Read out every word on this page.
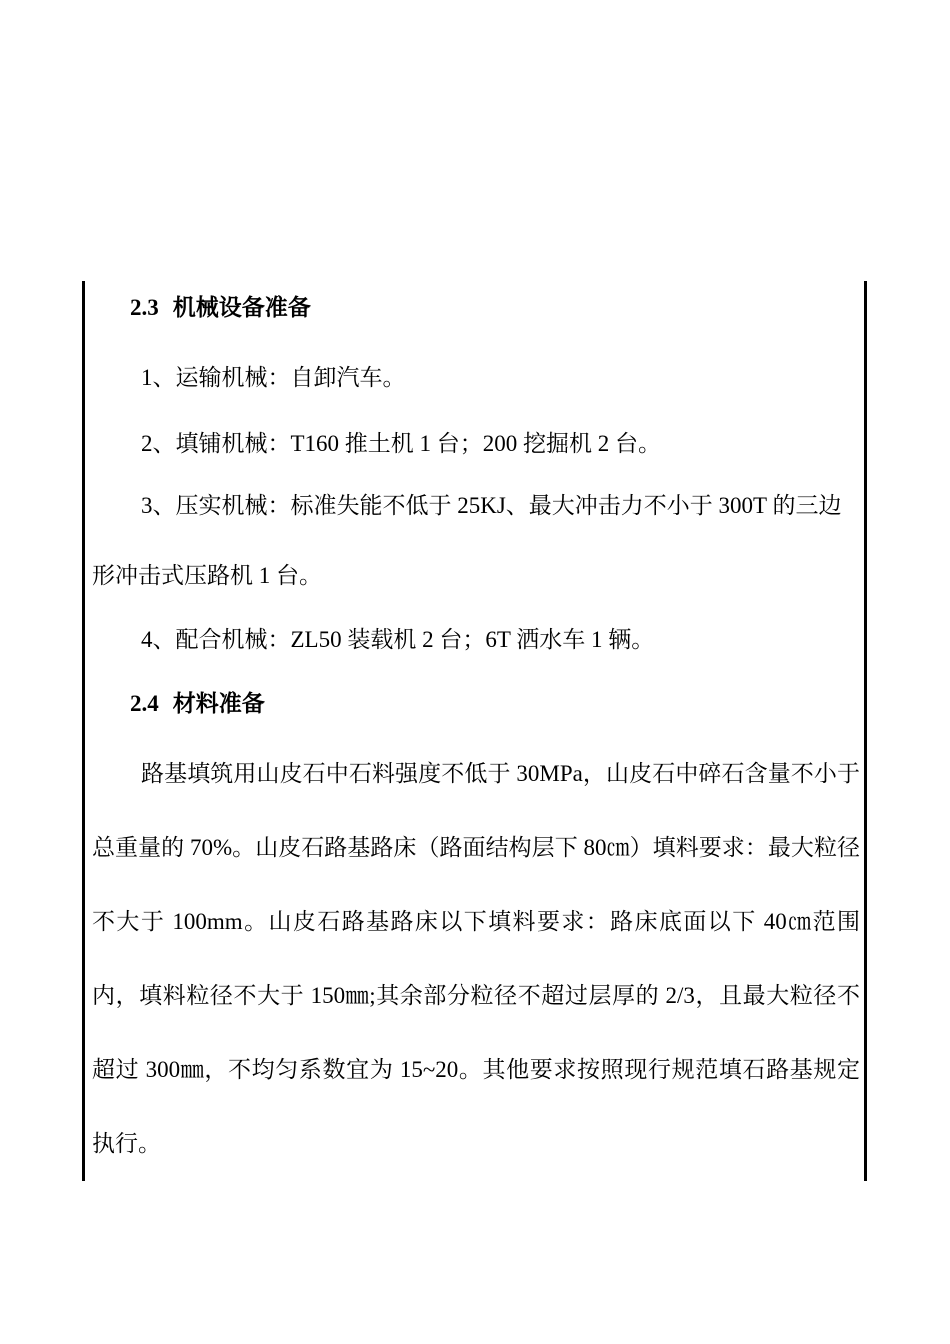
2.3 机械设备准备

1、运输机械：自卸汽车。

2、填铺机械：T160 推土机 1 台；200 挖掘机 2 台。

3、压实机械：标准失能不低于 25KJ、最大冲击力不小于 300T 的三边形冲击式压路机 1 台。

4、配合机械：ZL50 装载机 2 台；6T 洒水车 1 辆。

2.4 材料准备

路基填筑用山皮石中石料强度不低于 30MPa，山皮石中碎石含量不小于总重量的 70%。山皮石路基路床（路面结构层下 80㎝）填料要求：最大粒径不大于 100mm。山皮石路基路床以下填料要求：路床底面以下 40㎝范围内，填料粒径不大于 150㎜;其余部分粒径不超过层厚的 2/3，且最大粒径不超过 300㎜，不均匀系数宜为 15~20。其他要求按照现行规范填石路基规定执行。
